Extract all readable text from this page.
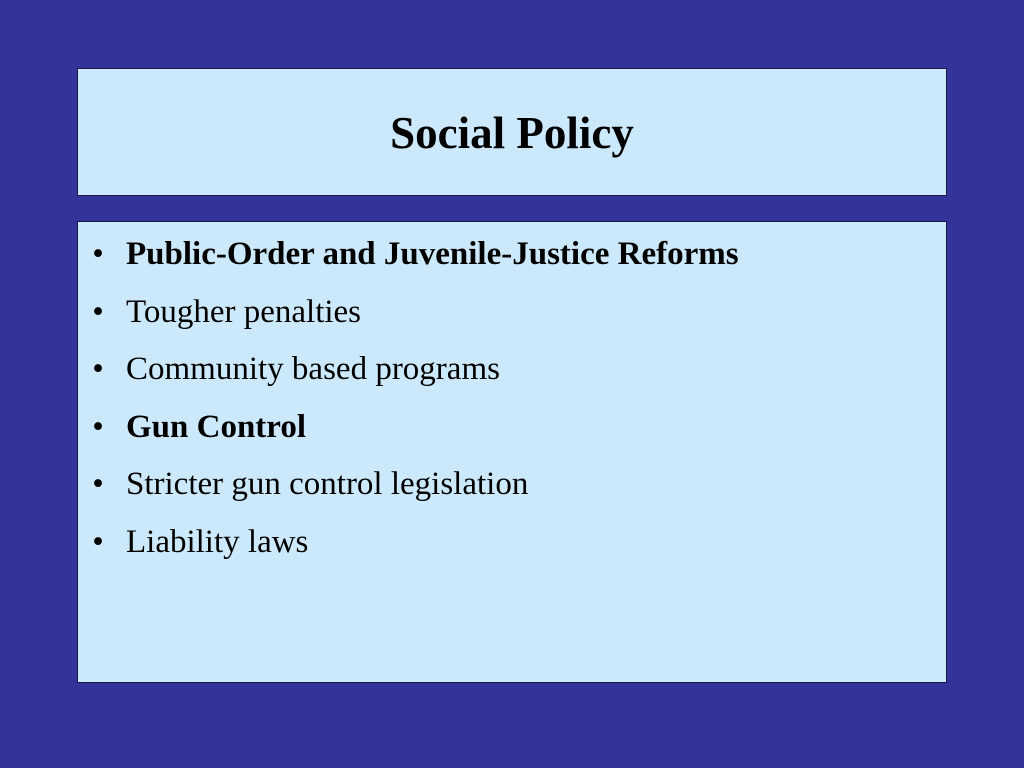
Social Policy
• Public-Order and Juvenile-Justice Reforms
• Tougher penalties
• Community based programs
• Gun Control
• Stricter gun control legislation
• Liability laws
